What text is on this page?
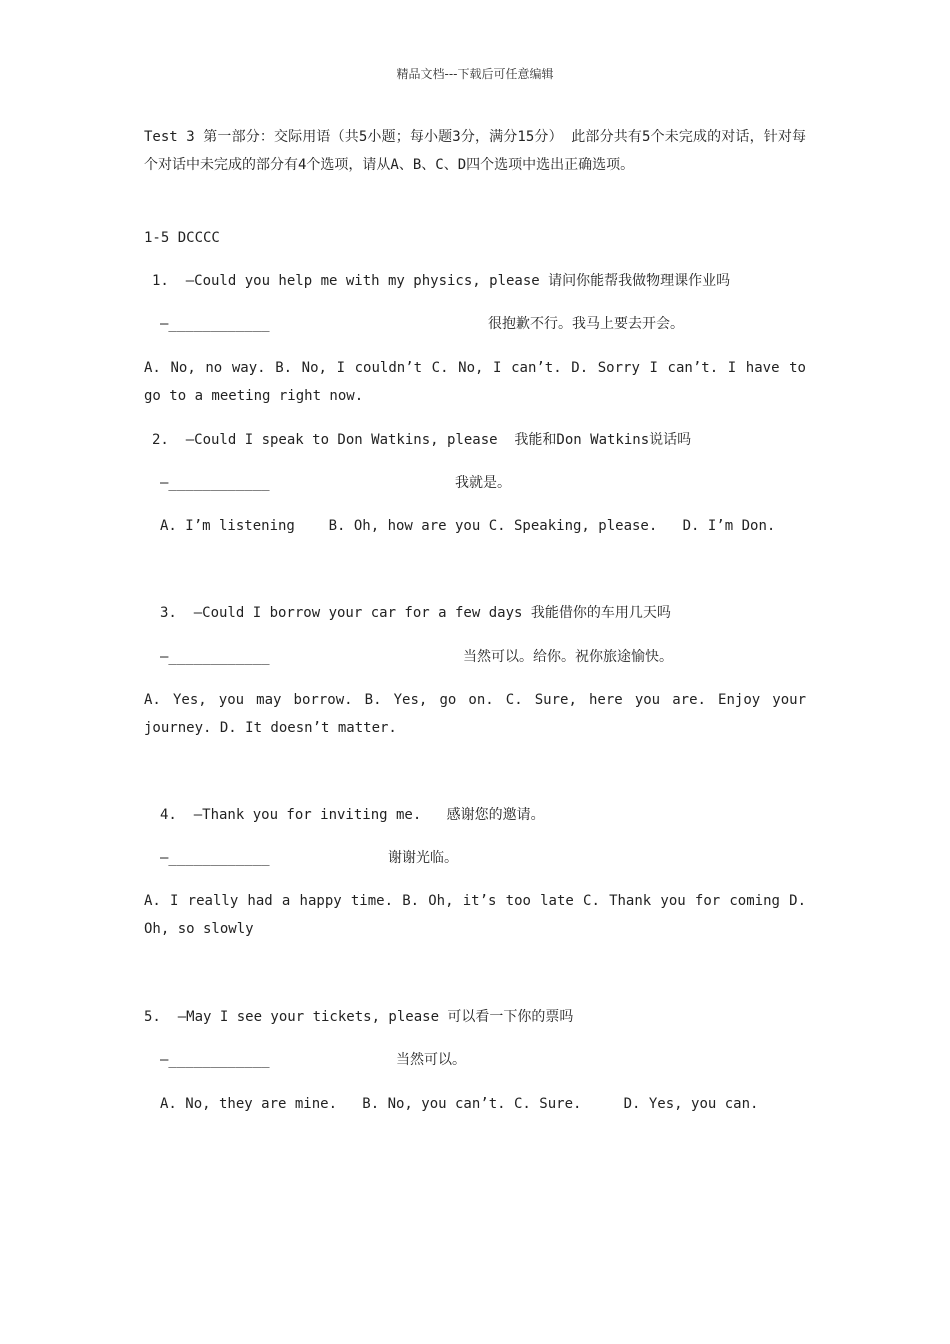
精品文档---下载后可任意编辑
Test 3 第一部分：交际用语（共5小题；每小题3分，满分15分） 此部分共有5个未完成的对话，针对每个对话中未完成的部分有4个选项，请从A、B、C、D四个选项中选出正确选项。
1-5 DCCCC
1.  —Could you help me with my physics, please 请问你能帮我做物理课作业吗
—____________	很抱歉不行。我马上要去开会。
A. No, no way. B. No, I couldn’t C. No, I can’t. D. Sorry I can’t. I have to go to a meeting right now.
2.  —Could I speak to Don Watkins, please  我能和Don Watkins说话吗
—____________	我就是。
A. I’m listening    B. Oh, how are you C. Speaking, please.   D. I’m Don.
3.  —Could I borrow your car for a few days 我能借你的车用几天吗
—____________	当然可以。给你。祝你旅途愉快。
A. Yes, you may borrow. B. Yes, go on. C. Sure, here you are. Enjoy your journey. D. It doesn’t matter.
4.  —Thank you for inviting me.   感谢您的邀请。
—____________	谢谢光临。
A. I really had a happy time. B. Oh, it’s too late C. Thank you for coming D. Oh, so slowly
5.  —May I see your tickets, please 可以看一下你的票吗
—____________	当然可以。
A. No, they are mine.   B. No, you can’t. C. Sure.     D. Yes, you can.
